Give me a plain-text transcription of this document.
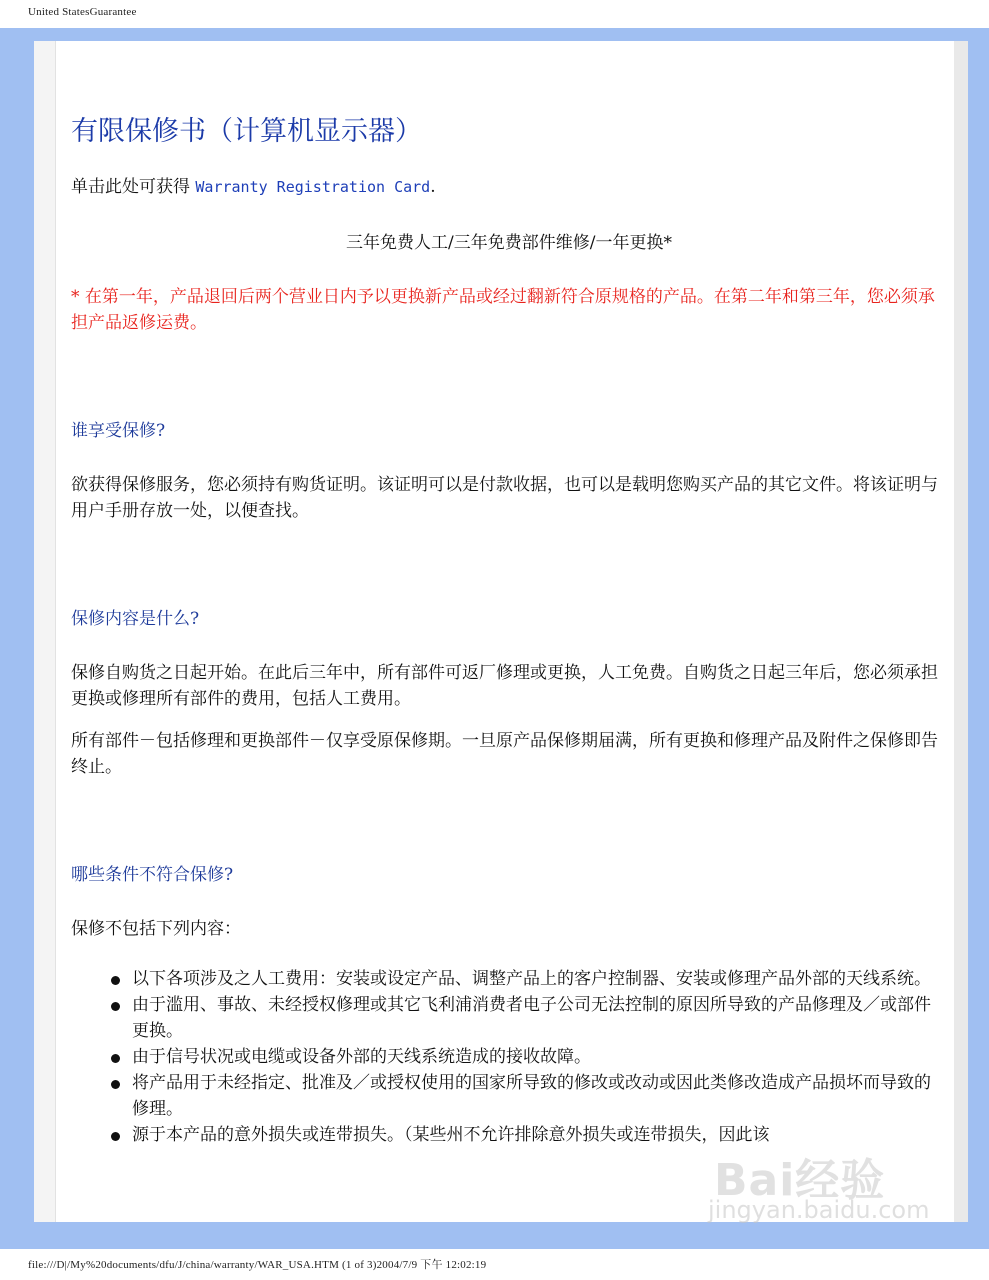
United StatesGuarantee
有限保修书（计算机显示器）

单击此处可获得 Warranty Registration Card.

三年免费人工/三年免费部件维修/一年更换*

* 在第一年，产品退回后两个营业日内予以更换新产品或经过翻新符合原规格的产品。在第二年和第三年，您必须承担产品返修运费。

谁享受保修?

欲获得保修服务，您必须持有购货证明。该证明可以是付款收据，也可以是载明您购买产品的其它文件。将该证明与用户手册存放一处，以便查找。

保修内容是什么?

保修自购货之日起开始。在此后三年中，所有部件可返厂修理或更换，人工免费。自购货之日起三年后，您必须承担更换或修理所有部件的费用，包括人工费用。

所有部件－包括修理和更换部件－仅享受原保修期。一旦原产品保修期届满，所有更换和修理产品及附件之保修即告终止。

哪些条件不符合保修?

保修不包括下列内容：

以下各项涉及之人工费用：安装或设定产品、调整产品上的客户控制器、安装或修理产品外部的天线系统。
由于滥用、事故、未经授权修理或其它飞利浦消费者电子公司无法控制的原因所导致的产品修理及／或部件更换。
由于信号状况或电缆或设备外部的天线系统造成的接收故障。
将产品用于未经指定、批准及／或授权使用的国家所导致的修改或改动或因此类修改造成产品损坏而导致的修理。
源于本产品的意外损失或连带损失。（某些州不允许排除意外损失或连带损失，因此该
Bai经验
jingyan.baidu.com
file:///D|/My%20documents/dfu/J/china/warranty/WAR_USA.HTM (1 of 3)2004/7/9 下午 12:02:19
